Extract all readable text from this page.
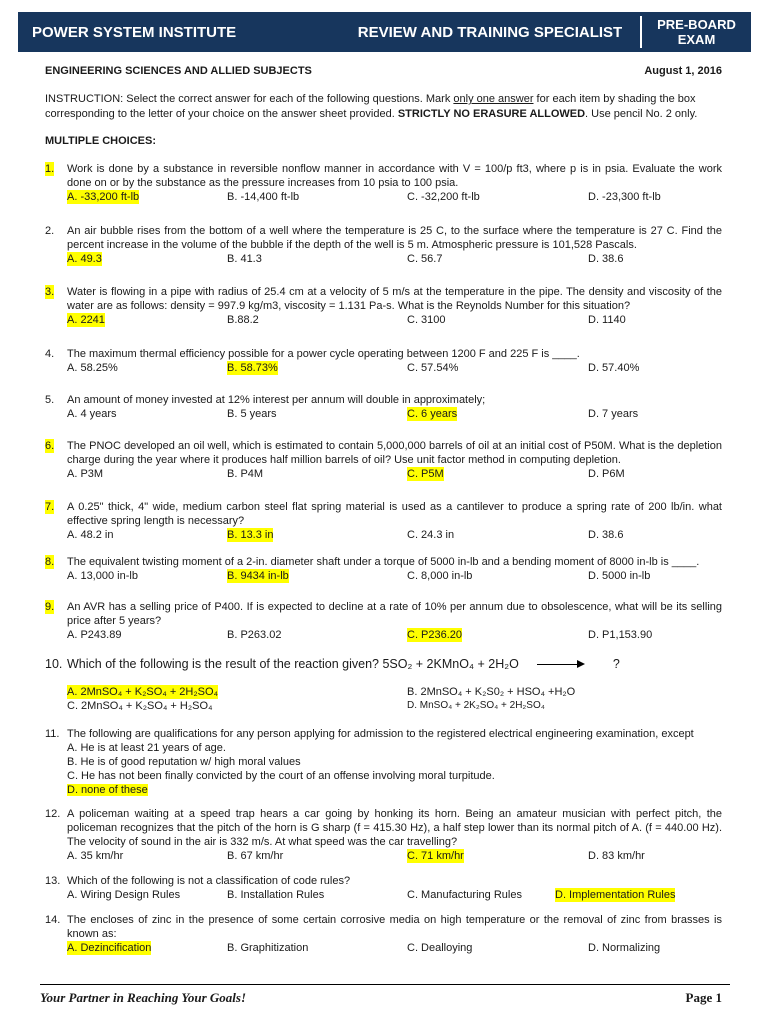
POWER SYSTEM INSTITUTE	REVIEW AND TRAINING SPECIALIST	PRE-BOARD EXAM
ENGINEERING SCIENCES AND ALLIED SUBJECTS	August 1, 2016
INSTRUCTION: Select the correct answer for each of the following questions. Mark only one answer for each item by shading the box corresponding to the letter of your choice on the answer sheet provided. STRICTLY NO ERASURE ALLOWED. Use pencil No. 2 only.
MULTIPLE CHOICES:
1. Work is done by a substance in reversible nonflow manner in accordance with V = 100/p ft3, where p is in psia. Evaluate the work done on or by the substance as the pressure increases from 10 psia to 100 psia.
A. -33,200 ft-lb	B. -14,400 ft-lb	C. -32,200 ft-lb	D. -23,300 ft-lb
2. An air bubble rises from the bottom of a well where the temperature is 25 C, to the surface where the temperature is 27 C. Find the percent increase in the volume of the bubble if the depth of the well is 5 m. Atmospheric pressure is 101,528 Pascals.
A. 49.3	B. 41.3	C. 56.7	D. 38.6
3. Water is flowing in a pipe with radius of 25.4 cm at a velocity of 5 m/s at the temperature in the pipe. The density and viscosity of the water are as follows: density = 997.9 kg/m3, viscosity = 1.131 Pa-s. What is the Reynolds Number for this situation?
A. 2241	B.88.2	C. 3100	D. 1140
4. The maximum thermal efficiency possible for a power cycle operating between 1200 F and 225 F is ____.
A. 58.25%	B. 58.73%	C. 57.54%	D. 57.40%
5. An amount of money invested at 12% interest per annum will double in approximately;
A. 4 years	B. 5 years	C. 6 years	D. 7 years
6. The PNOC developed an oil well, which is estimated to contain 5,000,000 barrels of oil at an initial cost of P50M. What is the depletion charge during the year where it produces half million barrels of oil? Use unit factor method in computing depletion.
A. P3M	B. P4M	C. P5M	D. P6M
7. A 0.25" thick, 4" wide, medium carbon steel flat spring material is used as a cantilever to produce a spring rate of 200 lb/in. what effective spring length is necessary?
A. 48.2 in	B. 13.3 in	C. 24.3 in	D. 38.6
8. The equivalent twisting moment of a 2-in. diameter shaft under a torque of 5000 in-lb and a bending moment of 8000 in-lb is ____.
A. 13,000 in-lb	B. 9434 in-lb	C. 8,000 in-lb	D. 5000 in-lb
9. An AVR has a selling price of P400. If is expected to decline at a rate of 10% per annum due to obsolescence, what will be its selling price after 5 years?
A. P243.89	B. P263.02	C. P236.20	D. P1,153.90
10. Which of the following is the result of the reaction given? 5SO₂ + 2KMnO₄ + 2H₂O → ?
A. 2MnSO₄ + K₂SO₄ + 2H₂SO₄	B. 2MnSO₄ + K₂S0₂ + HSO₄ +H₂O
C. 2MnSO₄ + K₂SO₄ + H₂SO₄	D. MnSO₄ + 2K₂SO₄ + 2H₂SO₄
11. The following are qualifications for any person applying for admission to the registered electrical engineering examination, except
A. He is at least 21 years of age.
B. He is of good reputation w/ high moral values
C. He has not been finally convicted by the court of an offense involving moral turpitude.
D. none of these
12. A policeman waiting at a speed trap hears a car going by honking its horn. Being an amateur musician with perfect pitch, the policeman recognizes that the pitch of the horn is G sharp (f = 415.30 Hz), a half step lower than its normal pitch of A. (f = 440.00 Hz). The velocity of sound in the air is 332 m/s. At what speed was the car travelling?
A. 35 km/hr	B. 67 km/hr	C. 71 km/hr	D. 83 km/hr
13. Which of the following is not a classification of code rules?
A. Wiring Design Rules	B. Installation Rules	C. Manufacturing Rules	D. Implementation Rules
14. The encloses of zinc in the presence of some certain corrosive media on high temperature or the removal of zinc from brasses is known as:
A. Dezincification	B. Graphitization	C. Dealloying	D. Normalizing
Your Partner in Reaching Your Goals!	Page 1
